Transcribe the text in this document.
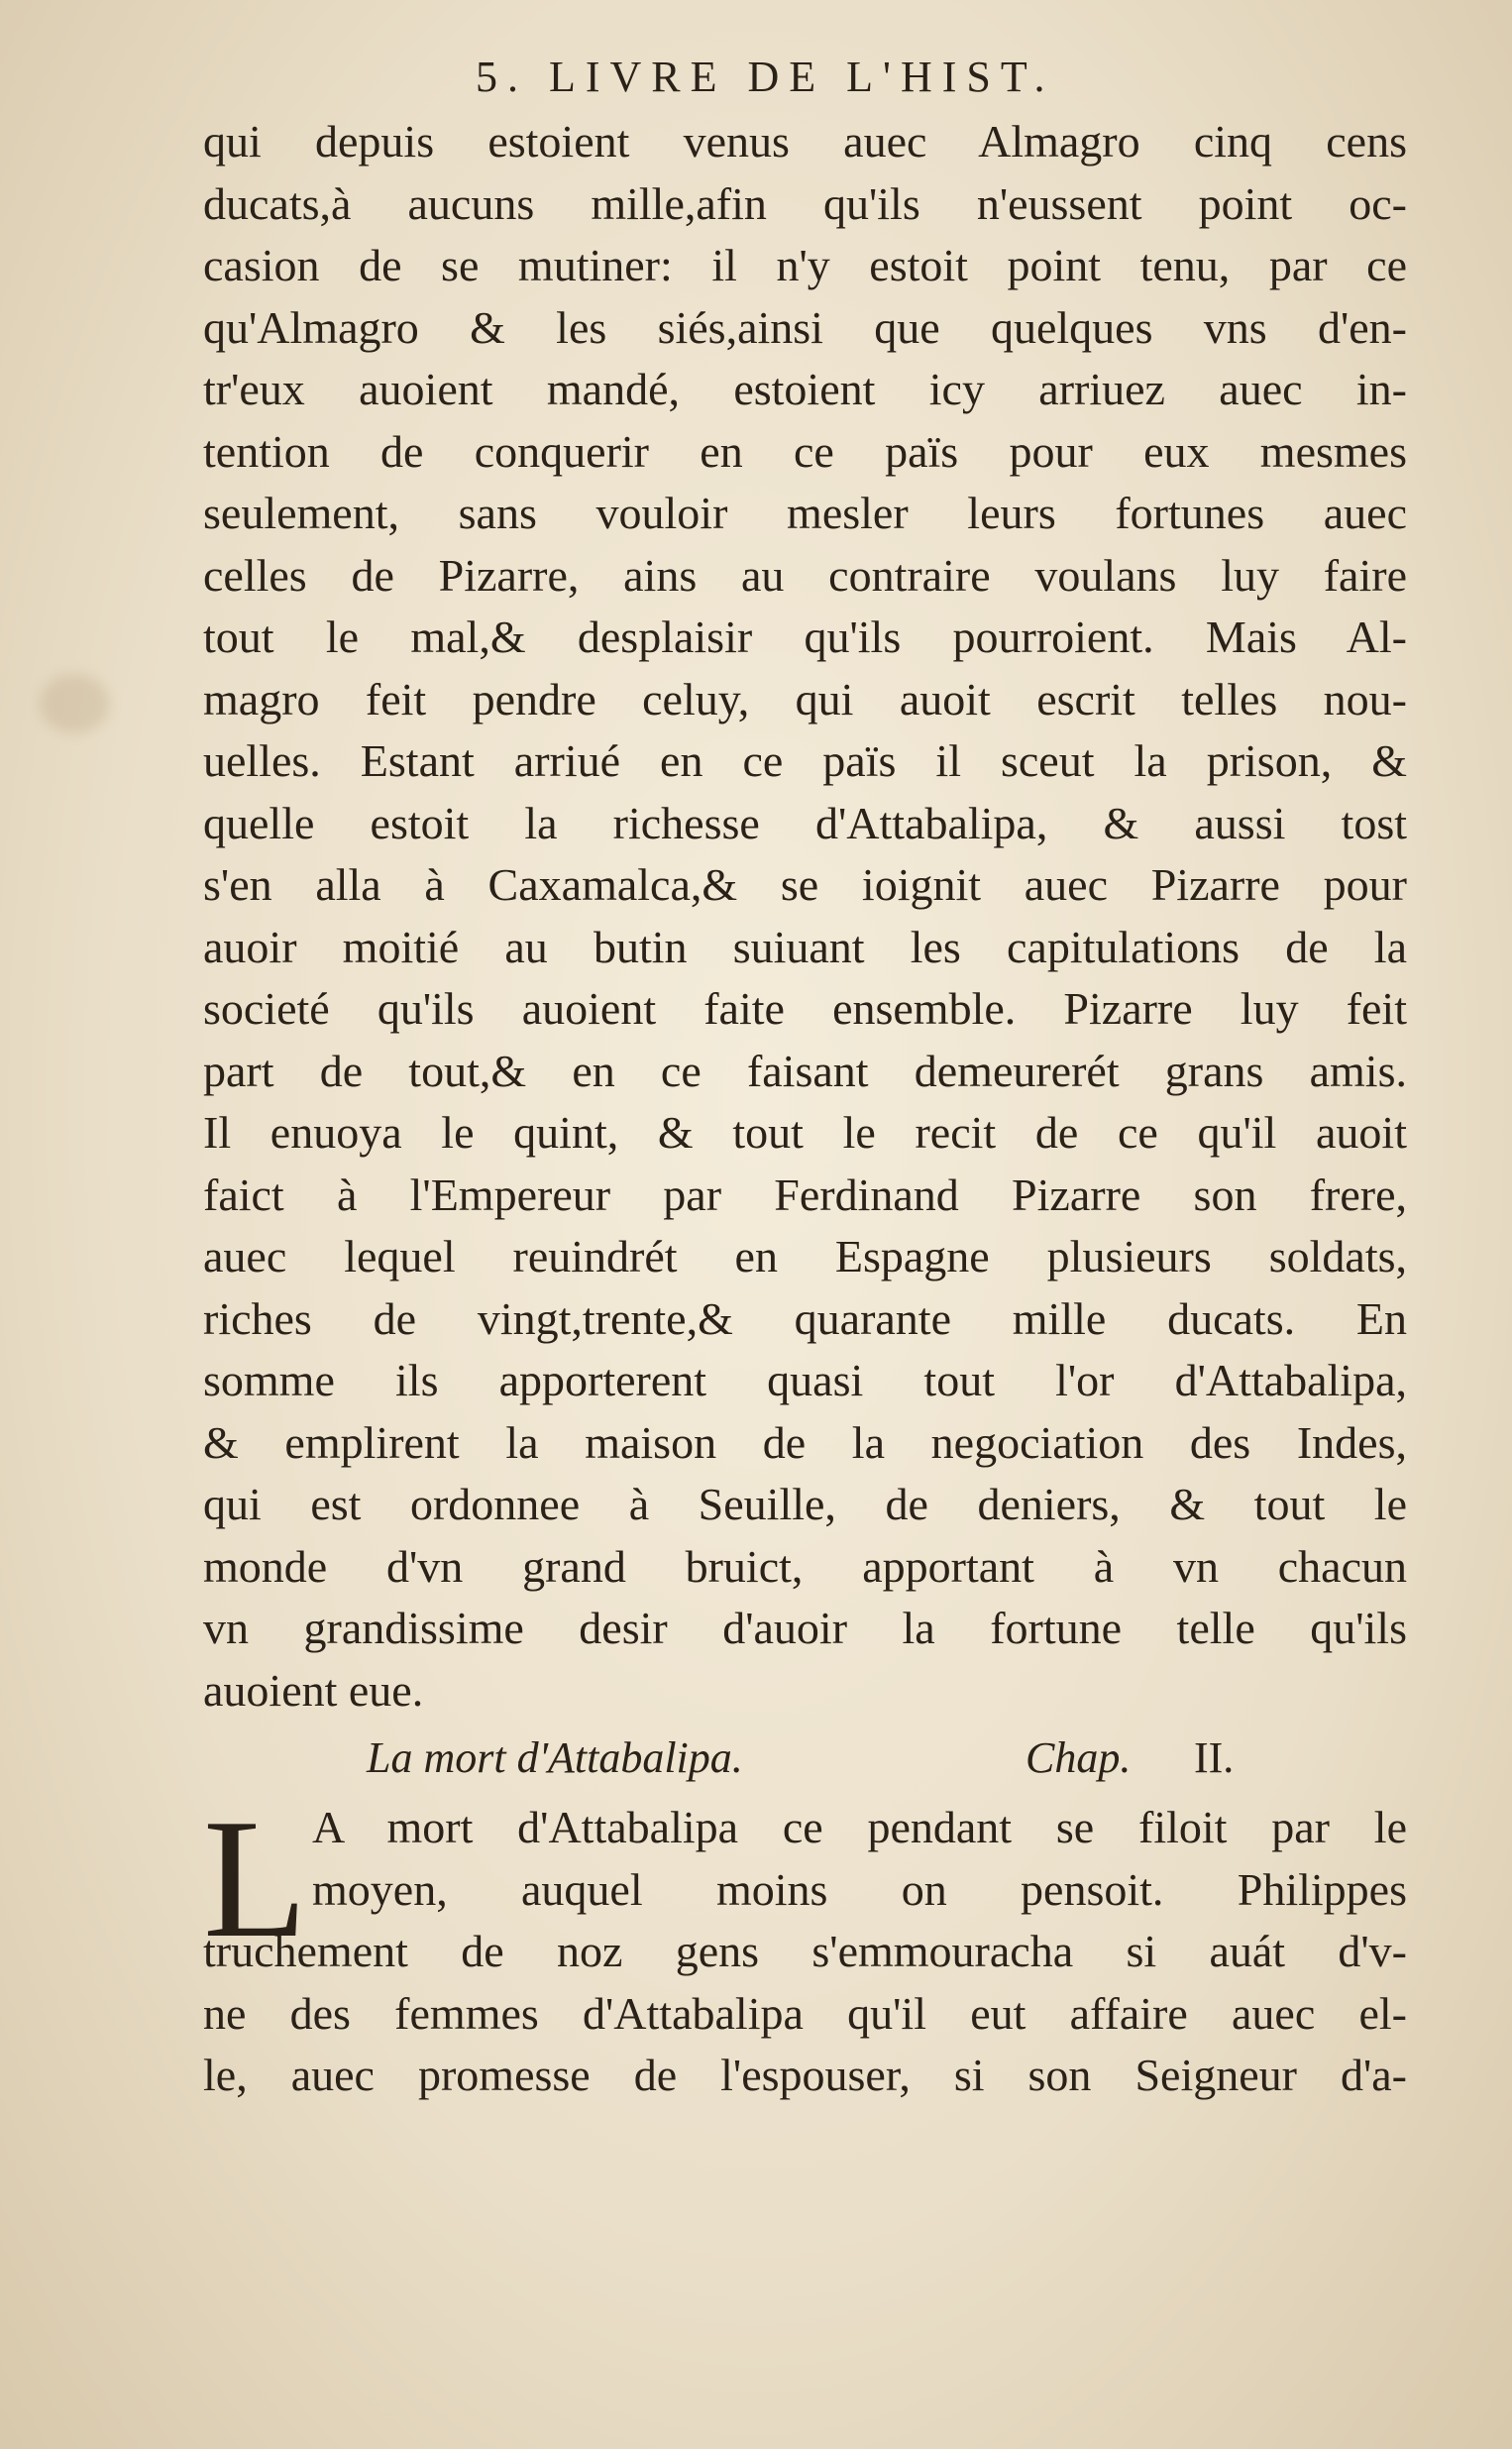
5. LIVRE DE L'HIST.
qui depuis estoient venus auec Almagro cinq cens
ducats,à aucuns mille,afin qu'ils n'eussent point oc-
casion de se mutiner: il n'y estoit point tenu, par ce
qu'Almagro & les siés,ainsi que quelques vns d'en-
tr'eux auoient mandé, estoient icy arriuez auec in-
tention de conquerir en ce païs pour eux mesmes
seulement, sans vouloir mesler leurs fortunes auec
celles de Pizarre, ains au contraire voulans luy faire
tout le mal,& desplaisir qu'ils pourroient. Mais Al-
magro feit pendre celuy, qui auoit escrit telles nou-
uelles. Estant arriué en ce païs il sceut la prison, &
quelle estoit la richesse d'Attabalipa, & aussi tost
s'en alla à Caxamalca,& se ioignit auec Pizarre pour
auoir moitié au butin suiuant les capitulations de la
societé qu'ils auoient faite ensemble. Pizarre luy feit
part de tout,& en ce faisant demeurerét grans amis.
Il enuoya le quint, & tout le recit de ce qu'il auoit
faict à l'Empereur par Ferdinand Pizarre son frere,
auec lequel reuindrét en Espagne plusieurs soldats,
riches de vingt,trente,& quarante mille ducats. En
somme ils apporterent quasi tout l'or d'Attabalipa,
& emplirent la maison de la negociation des Indes,
qui est ordonnee à Seuille, de deniers, & tout le
monde d'vn grand bruict, apportant à vn chacun
vn grandissime desir d'auoir la fortune telle qu'ils
auoient eue.
La mort d'Attabalipa.	Chap. II.
L A mort d'Attabalipa ce pendant se filoit par le
moyen, auquel moins on pensoit. Philippes
truchement de noz gens s'emmouracha si auát d'v-
ne des femmes d'Attabalipa qu'il eut affaire auec el-
le, auec promesse de l'espouser, si son Seigneur d'a-
